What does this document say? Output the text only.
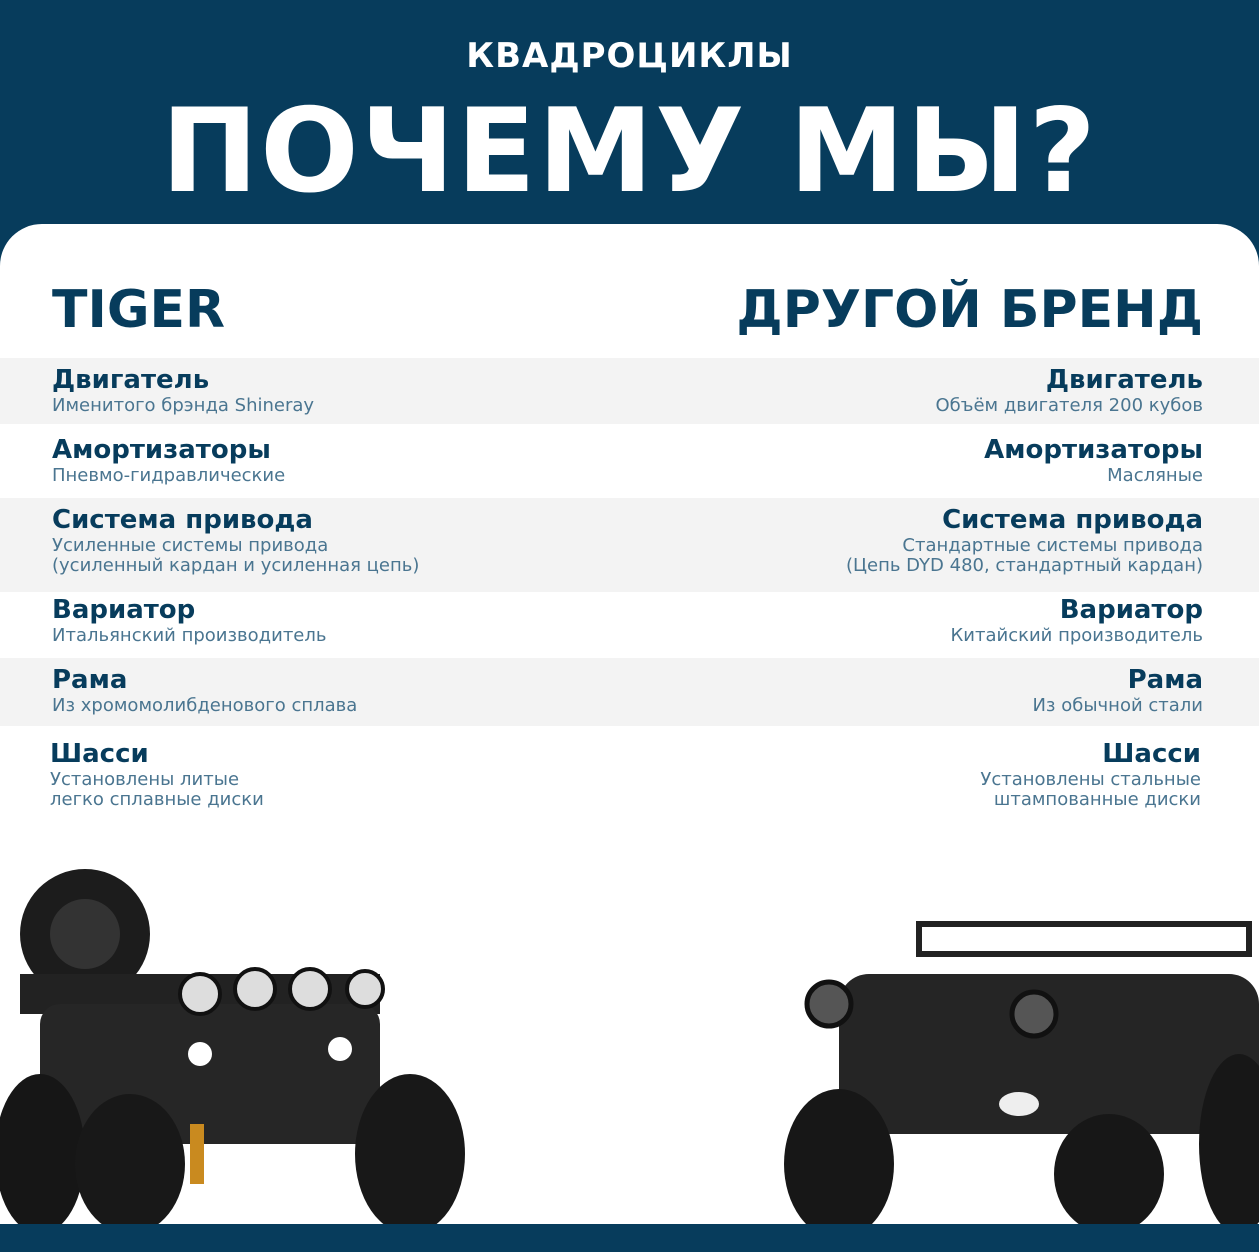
КВАДРОЦИКЛЫ
ПОЧЕМУ МЫ?
TIGER	ДРУГОЙ БРЕНД
Двигатель
Именитого брэнда Shineray
Двигатель
Объём двигателя 200 кубов
Амортизаторы
Пневмо-гидравлические
Амортизаторы
Масляные
Система привода
Усиленные системы привода
(усиленный кардан и усиленная цепь)
Система привода
Стандартные системы привода
(Цепь DYD 480, стандартный кардан)
Вариатор
Итальянский производитель
Вариатор
Китайский производитель
Рама
Из хромомолибденового сплава
Рама
Из обычной стали
Шасси
Установлены литые
легко сплавные диски
Шасси
Установлены стальные
штампованные диски
